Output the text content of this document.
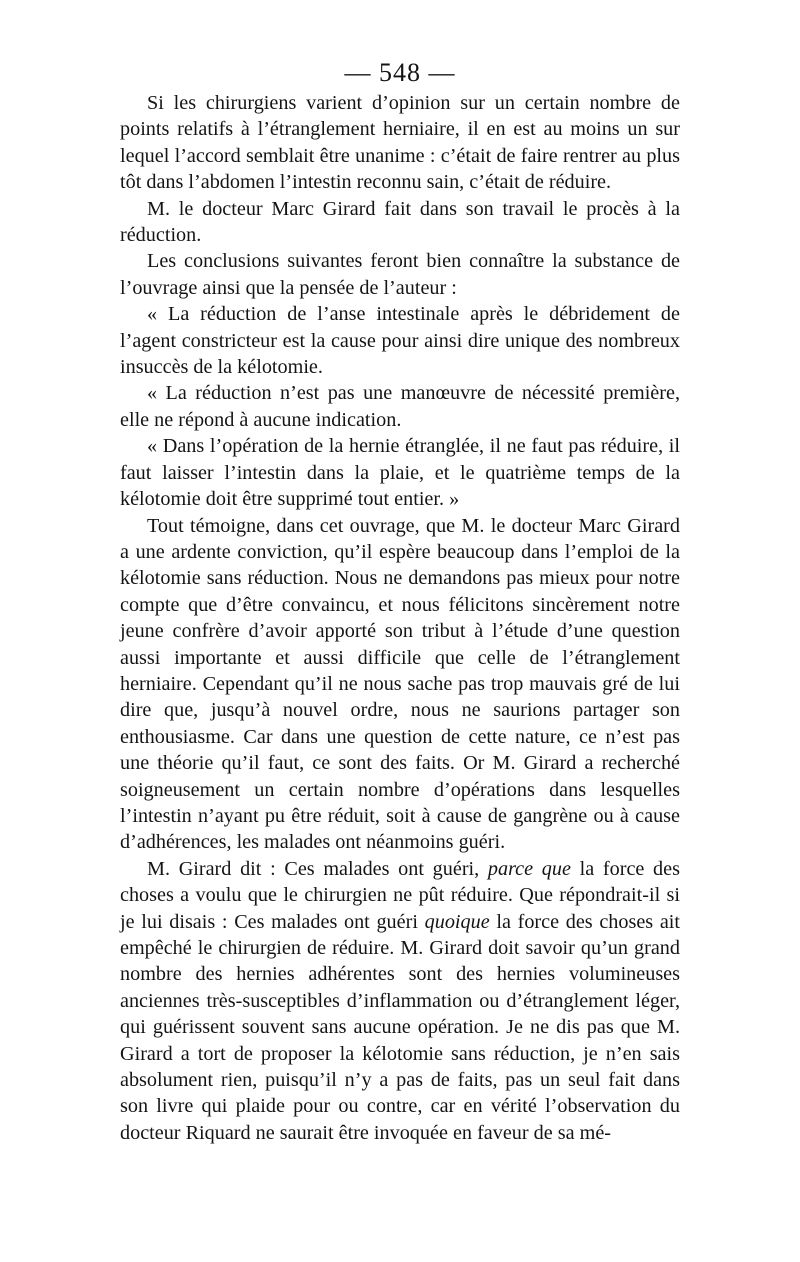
— 548 —

Si les chirurgiens varient d’opinion sur un certain nombre de points relatifs à l’étranglement herniaire, il en est au moins un sur lequel l’accord semblait être unanime : c’était de faire rentrer au plus tôt dans l’abdomen l’intestin reconnu sain, c’était de réduire.

M. le docteur Marc Girard fait dans son travail le procès à la réduction.

Les conclusions suivantes feront bien connaître la substance de l’ouvrage ainsi que la pensée de l’auteur :

« La réduction de l’anse intestinale après le débridement de l’agent constricteur est la cause pour ainsi dire unique des nombreux insuccès de la kélotomie.

« La réduction n’est pas une manœuvre de nécessité première, elle ne répond à aucune indication.

« Dans l’opération de la hernie étranglée, il ne faut pas réduire, il faut laisser l’intestin dans la plaie, et le quatrième temps de la kélotomie doit être supprimé tout entier. »

Tout témoigne, dans cet ouvrage, que M. le docteur Marc Girard a une ardente conviction, qu’il espère beaucoup dans l’emploi de la kélotomie sans réduction. Nous ne demandons pas mieux pour notre compte que d’être convaincu, et nous félicitons sincèrement notre jeune confrère d’avoir apporté son tribut à l’étude d’une question aussi importante et aussi difficile que celle de l’étranglement herniaire. Cependant qu’il ne nous sache pas trop mauvais gré de lui dire que, jusqu’à nouvel ordre, nous ne saurions partager son enthousiasme. Car dans une question de cette nature, ce n’est pas une théorie qu’il faut, ce sont des faits. Or M. Girard a recherché soigneusement un certain nombre d’opérations dans lesquelles l’intestin n’ayant pu être réduit, soit à cause de gangrène ou à cause d’adhérences, les malades ont néanmoins guéri.

M. Girard dit : Ces malades ont guéri, parce que la force des choses a voulu que le chirurgien ne pût réduire. Que répondrait-il si je lui disais : Ces malades ont guéri quoique la force des choses ait empêché le chirurgien de réduire. M. Girard doit savoir qu’un grand nombre des hernies adhérentes sont des hernies volumineuses anciennes très-susceptibles d’inflammation ou d’étranglement léger, qui guérissent souvent sans aucune opération. Je ne dis pas que M. Girard a tort de proposer la kélotomie sans réduction, je n’en sais absolument rien, puisqu’il n’y a pas de faits, pas un seul fait dans son livre qui plaide pour ou contre, car en vérité l’observation du docteur Riquard ne saurait être invoquée en faveur de sa mé-
